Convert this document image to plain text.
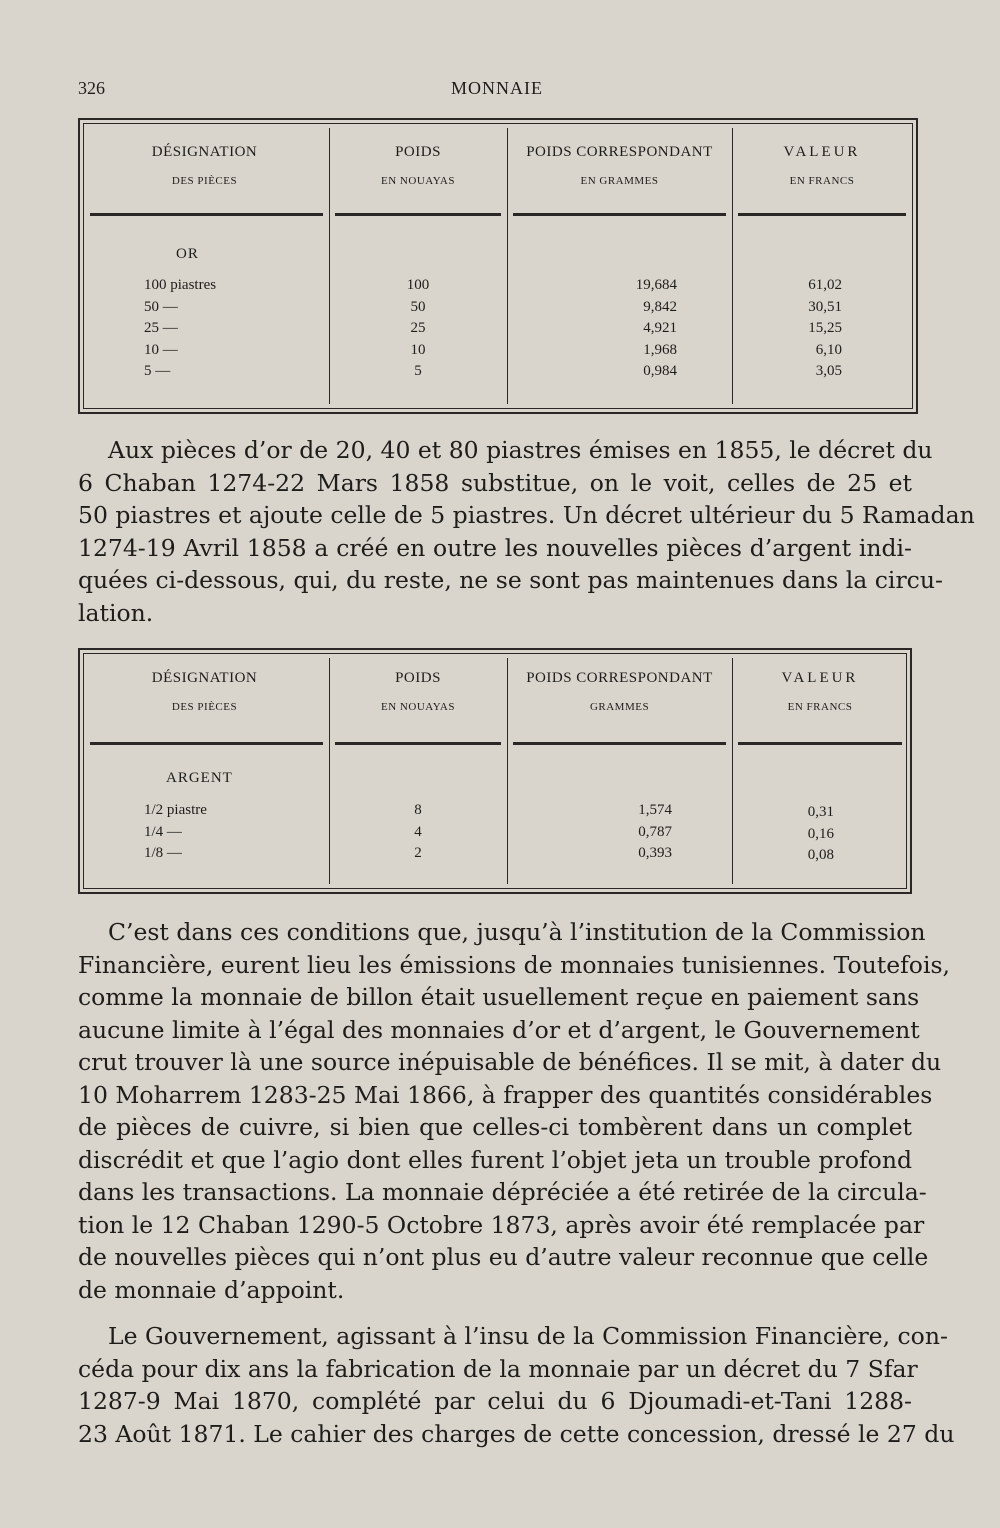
326	MONNAIE
DÉSIGNATION
DES PIÈCES
POIDS
EN NOUAYAS
POIDS CORRESPONDANT
EN GRAMMES
VALEUR
EN FRANCS
OR
100 piastres
50 —
25 —
10 —
5 —
100
50
25
10
5
19,684
9,842
4,921
1,968
0,984
61,02
30,51
15,25
6,10
3,05

Aux pièces d’or de 20, 40 et 80 piastres émises en 1855, le décret du
6 Chaban 1274-22 Mars 1858 substitue, on le voit, celles de 25 et
50 piastres et ajoute celle de 5 piastres. Un décret ultérieur du 5 Ramadan
1274-19 Avril 1858 a créé en outre les nouvelles pièces d’argent indi-
quées ci-dessous, qui, du reste, ne se sont pas maintenues dans la circu-
lation.

DÉSIGNATION
DES PIÈCES
POIDS
EN NOUAYAS
POIDS CORRESPONDANT
GRAMMES
VALEUR
EN FRANCS
ARGENT
1/2 piastre
1/4 —
1/8 —
8
4
2
1,574
0,787
0,393
0,31
0,16
0,08

C’est dans ces conditions que, jusqu’à l’institution de la Commission
Financière, eurent lieu les émissions de monnaies tunisiennes. Toutefois,
comme la monnaie de billon était usuellement reçue en paiement sans
aucune limite à l’égal des monnaies d’or et d’argent, le Gouvernement
crut trouver là une source inépuisable de bénéfices. Il se mit, à dater du
10 Moharrem 1283-25 Mai 1866, à frapper des quantités considérables
de pièces de cuivre, si bien que celles-ci tombèrent dans un complet
discrédit et que l’agio dont elles furent l’objet jeta un trouble profond
dans les transactions. La monnaie dépréciée a été retirée de la circula-
tion le 12 Chaban 1290-5 Octobre 1873, après avoir été remplacée par
de nouvelles pièces qui n’ont plus eu d’autre valeur reconnue que celle
de monnaie d’appoint.

Le Gouvernement, agissant à l’insu de la Commission Financière, con-
céda pour dix ans la fabrication de la monnaie par un décret du 7 Sfar
1287-9 Mai 1870, complété par celui du 6 Djoumadi-et-Tani 1288-
23 Août 1871. Le cahier des charges de cette concession, dressé le 27 du
